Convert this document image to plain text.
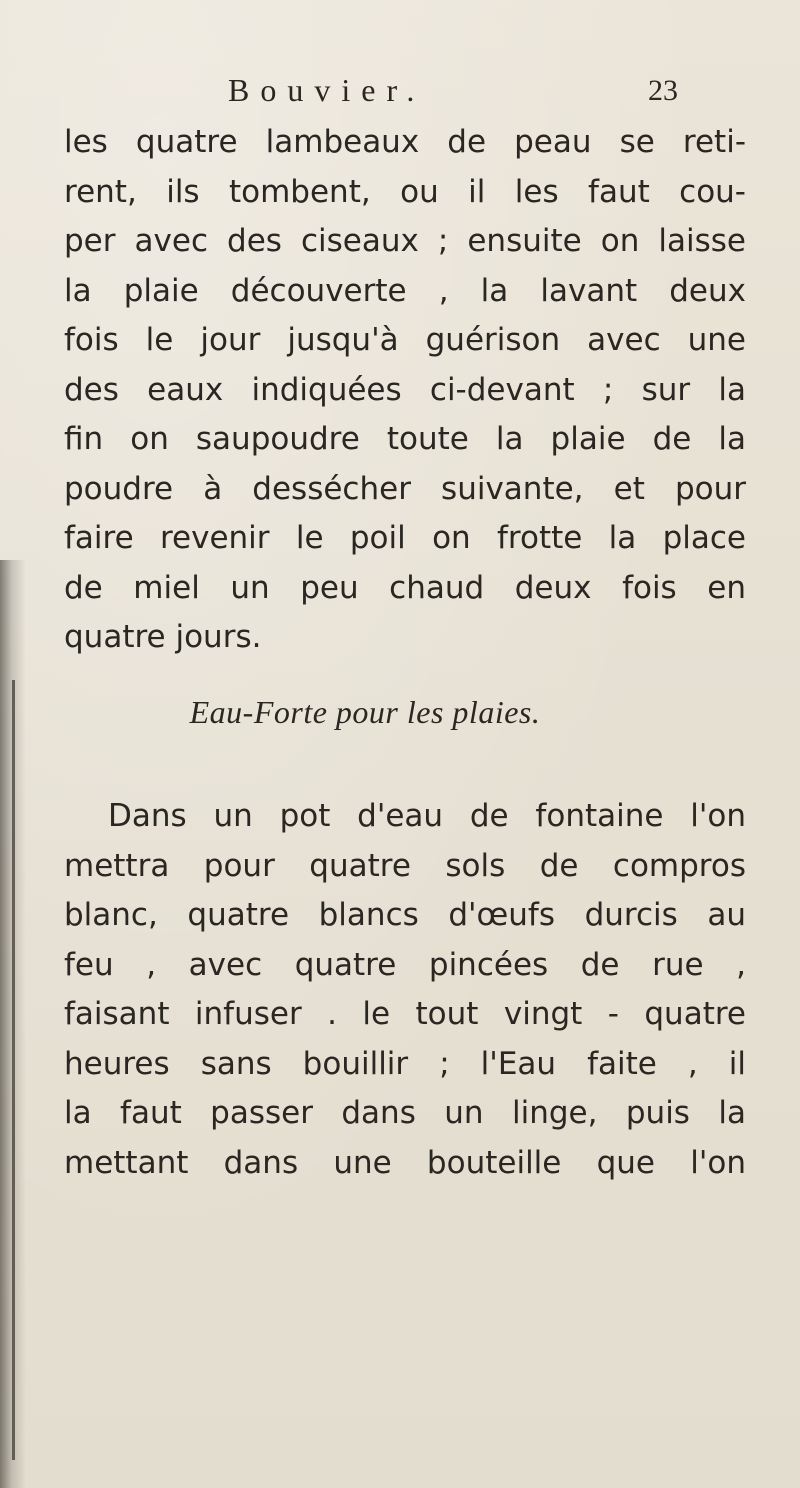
Bouvier.	23
les quatre lambeaux de peau se reti-
rent, ils tombent, ou il les faut cou-
per avec des ciseaux ; ensuite on laisse
la plaie découverte , la lavant deux
fois le jour jusqu'à guérison avec une
des eaux indiquées ci-devant ; sur la
fin on saupoudre toute la plaie de la
poudre à dessécher suivante, et pour
faire revenir le poil on frotte la place
de miel un peu chaud deux fois en
quatre jours.
Eau-Forte pour les plaies.
Dans un pot d'eau de fontaine l'on
mettra pour quatre sols de compros
blanc, quatre blancs d'œufs durcis au
feu , avec quatre pincées de rue ,
faisant infuser . le tout vingt - quatre
heures sans bouillir ; l'Eau faite , il
la faut passer dans un linge, puis la
mettant dans une bouteille que l'on
